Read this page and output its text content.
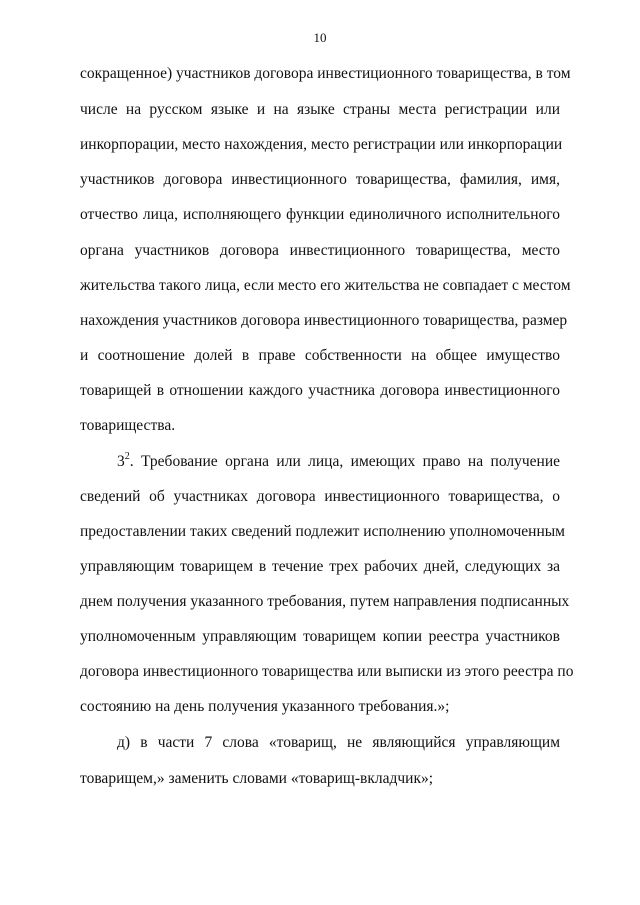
10
сокращенное) участников договора инвестиционного товарищества, в том
числе на русском языке и на языке страны места регистрации или
инкорпорации, место нахождения, место регистрации или инкорпорации
участников договора инвестиционного товарищества, фамилия, имя,
отчество лица, исполняющего функции единоличного исполнительного
органа участников договора инвестиционного товарищества, место
жительства такого лица, если место его жительства не совпадает с местом
нахождения участников договора инвестиционного товарищества, размер
и соотношение долей в праве собственности на общее имущество
товарищей в отношении каждого участника договора инвестиционного
товарищества.
$3^2$. Требование органа или лица, имеющих право на получение
сведений об участниках договора инвестиционного товарищества, о
предоставлении таких сведений подлежит исполнению уполномоченным
управляющим товарищем в течение трех рабочих дней, следующих за
днем получения указанного требования, путем направления подписанных
уполномоченным управляющим товарищем копии реестра участников
договора инвестиционного товарищества или выписки из этого реестра по
состоянию на день получения указанного требования.»;
д) в части 7 слова «товарищ, не являющийся управляющим
товарищем,» заменить словами «товарищ-вкладчик»;
